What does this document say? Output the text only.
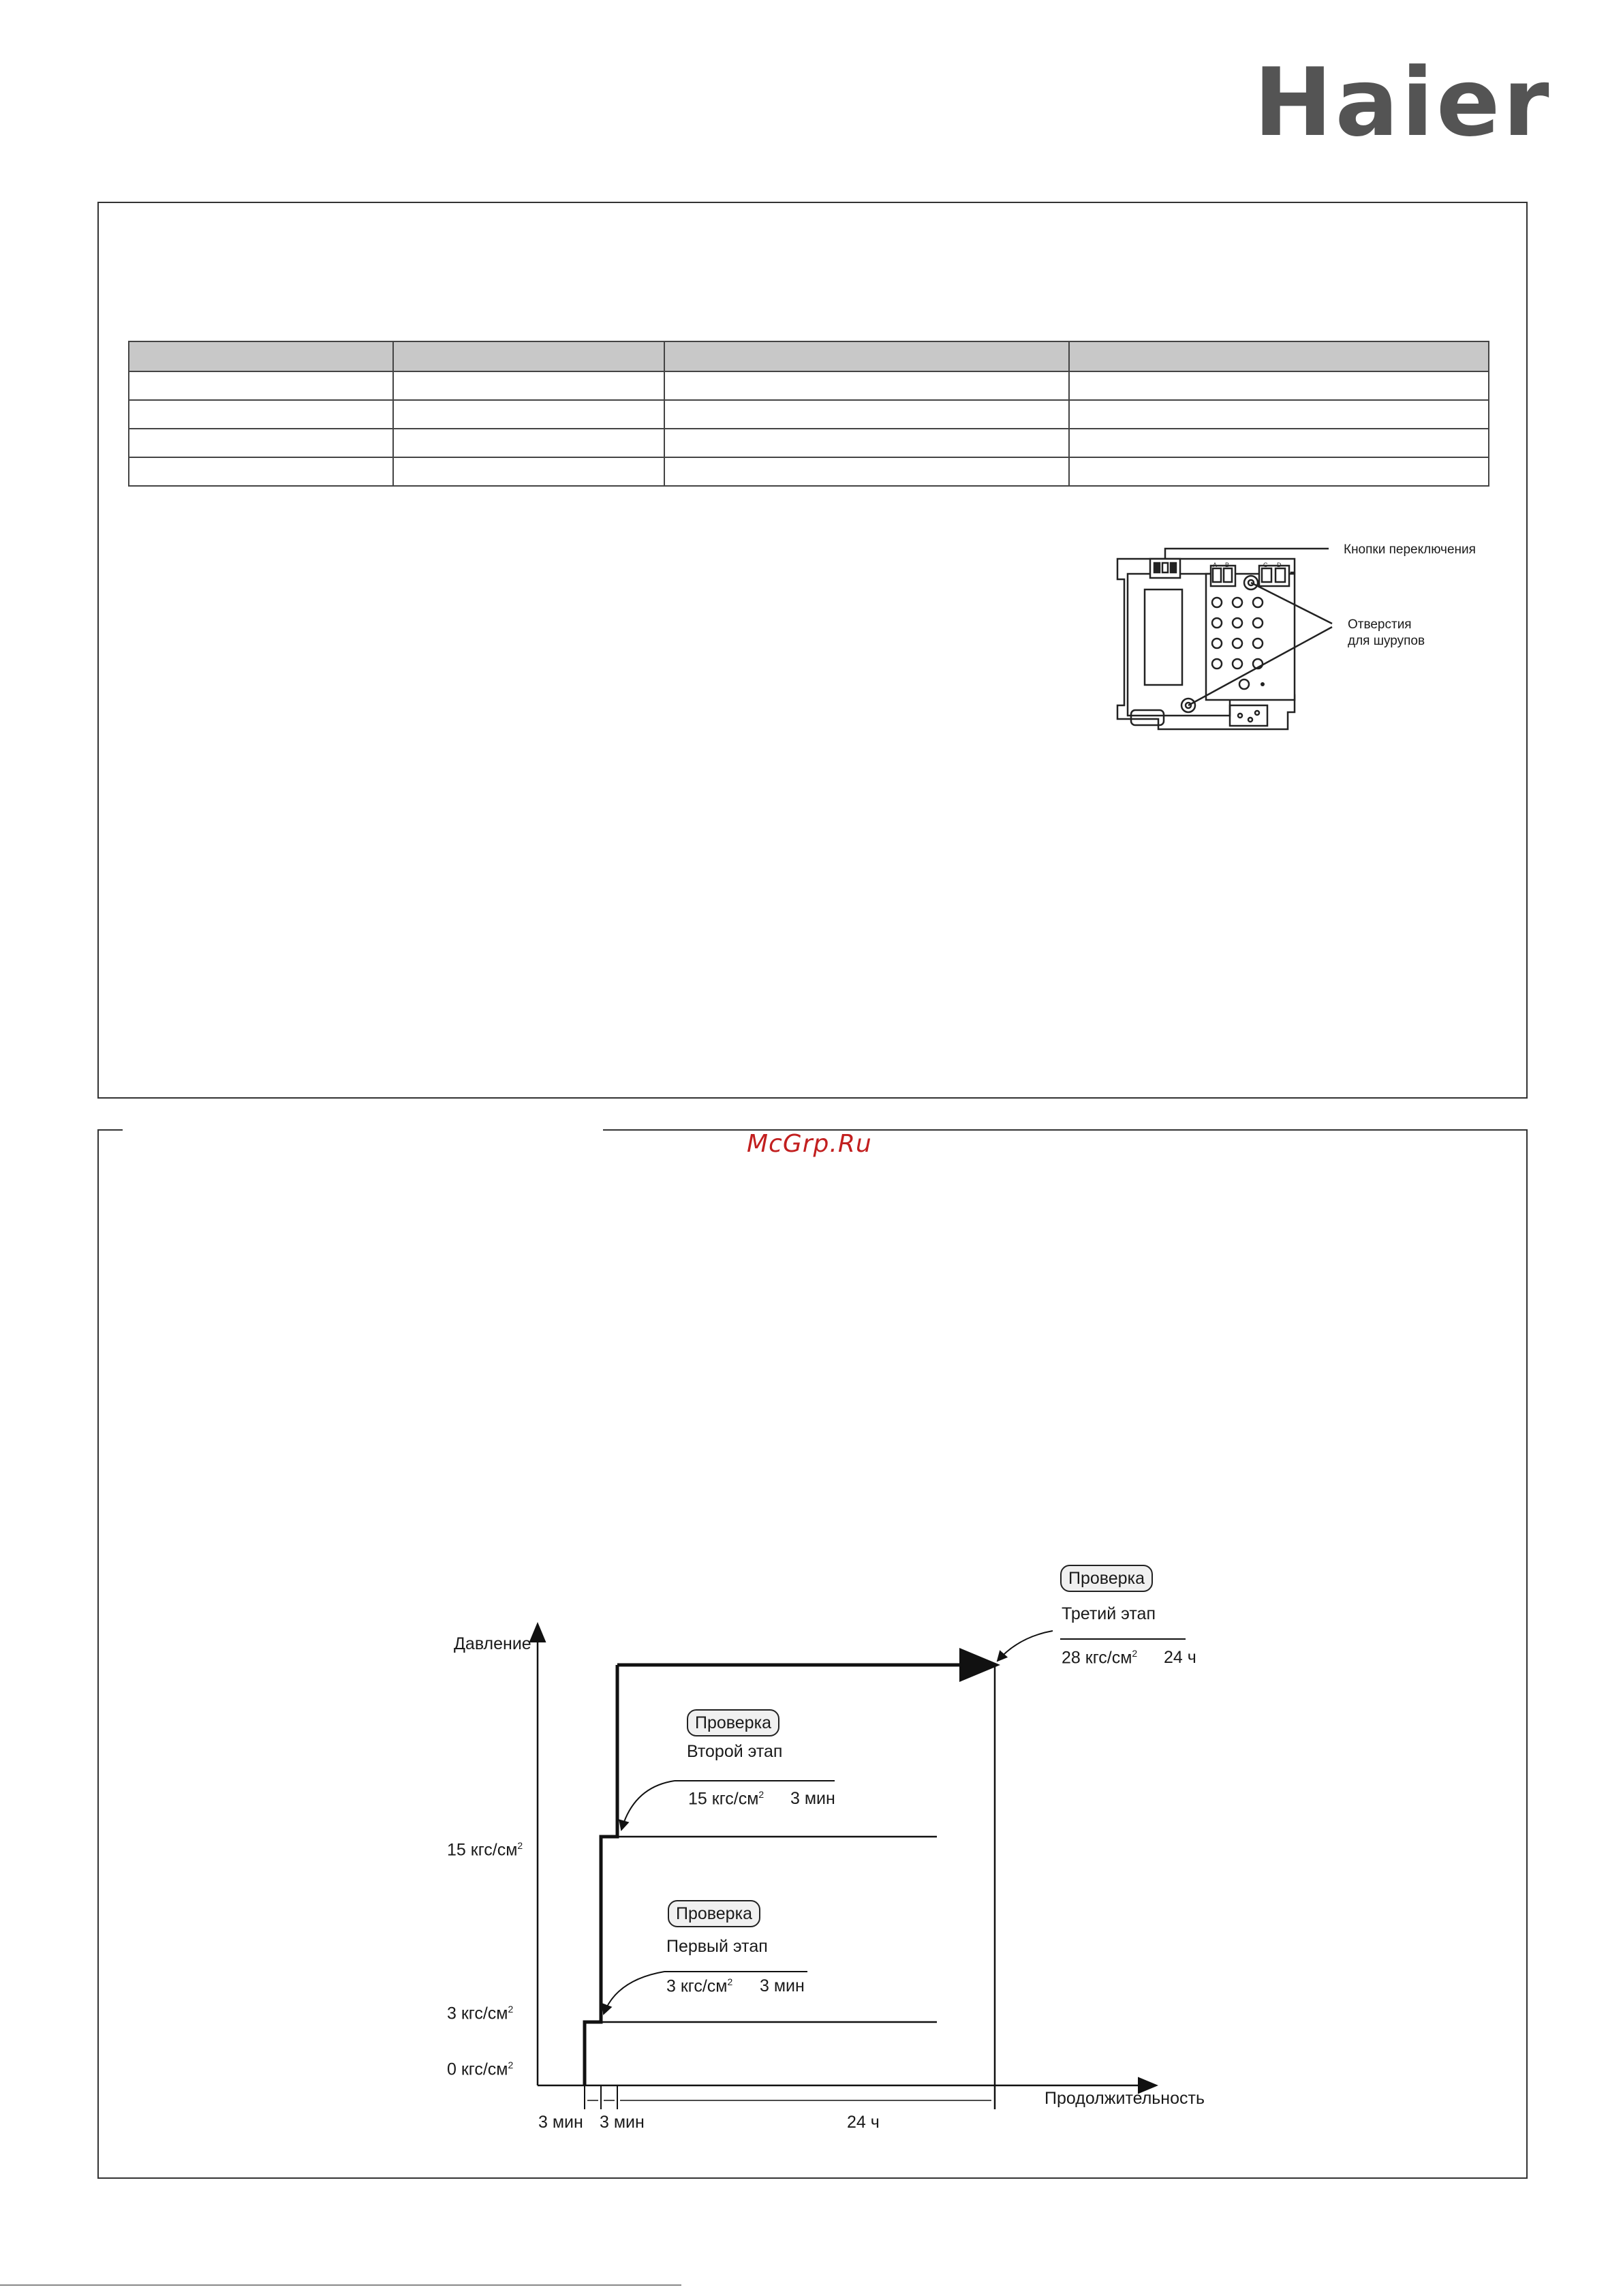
Haier

A B	C D
Кнопки переключения
Отверстия
для шурупов
McGrp.Ru
Давление
Продолжительность
15 кгс/$см^2$
3 кгс/$см^2$
0 кгс/$см^2$
3 мин 3 мин	24 ч
Проверка
Третий этап
28 кгс/$см^2$ 24 ч
Проверка
Второй этап
15 кгс/$см^2$ 3 мин
Проверка
Первый этап
3 кгс/$см^2$ 3 мин
